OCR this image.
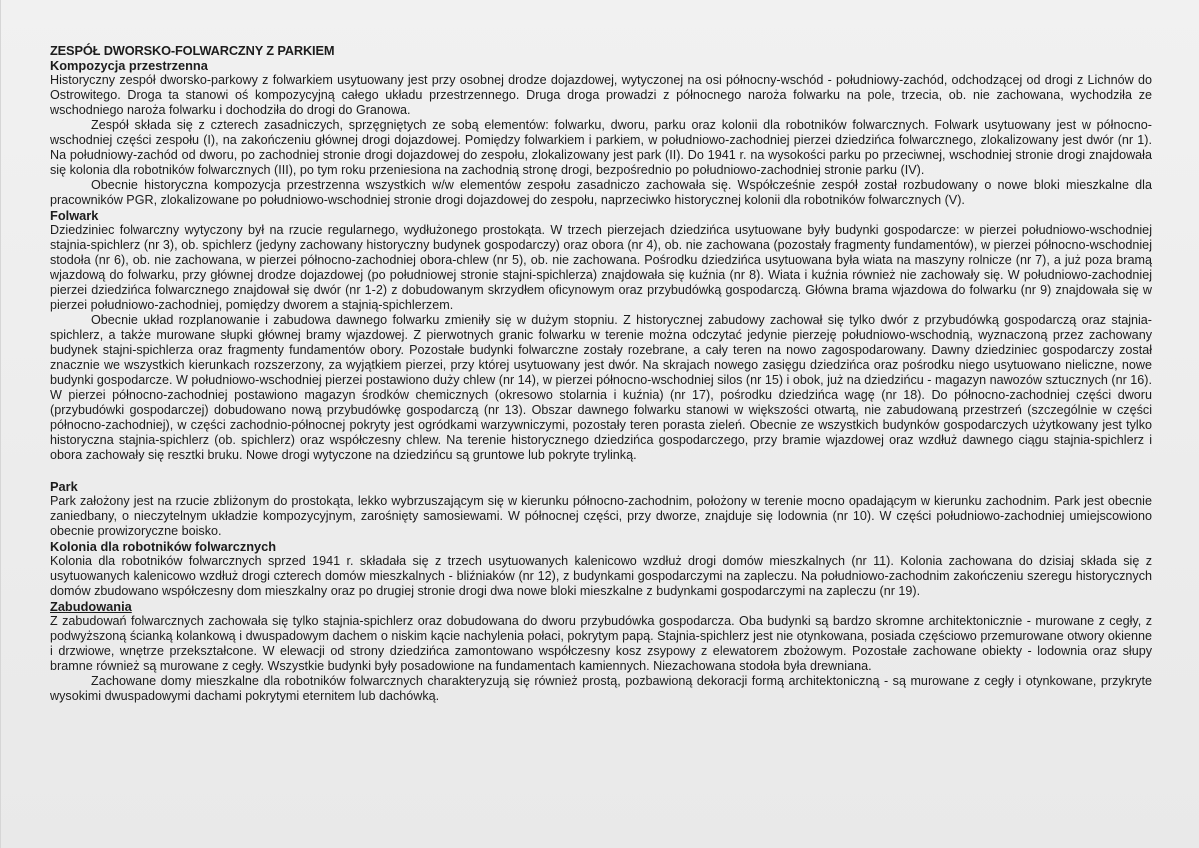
ZESPÓŁ DWORSKO-FOLWARCZNY Z PARKIEM
Kompozycja przestrzenna

Historyczny zespół dworsko-parkowy z folwarkiem usytuowany jest przy osobnej drodze dojazdowej, wytyczonej na osi północny-wschód - południowy-zachód, odchodzącej od drogi z Lichnów do Ostrowitego. Droga ta stanowi oś kompozycyjną całego układu przestrzennego. Druga droga prowadzi z północnego naroża folwarku na pole, trzecia, ob. nie zachowana, wychodziła ze wschodniego naroża folwarku i dochodziła do drogi do Granowa.

Zespół składa się z czterech zasadniczych, sprzęgniętych ze sobą elementów: folwarku, dworu, parku oraz kolonii dla robotników folwarcznych. Folwark usytuowany jest w północno-wschodniej części zespołu (I), na zakończeniu głównej drogi dojazdowej. Pomiędzy folwarkiem i parkiem, w południowo-zachodniej pierzei dziedzińca folwarcznego, zlokalizowany jest dwór (nr 1). Na południowy-zachód od dworu, po zachodniej stronie drogi dojazdowej do zespołu, zlokalizowany jest park (II). Do 1941 r. na wysokości parku po przeciwnej, wschodniej stronie drogi znajdowała się kolonia dla robotników folwarcznych (III), po tym roku przeniesiona na zachodnią stronę drogi, bezpośrednio po południowo-zachodniej stronie parku (IV).

Obecnie historyczna kompozycja przestrzenna wszystkich w/w elementów zespołu zasadniczo zachowała się. Współcześnie zespół został rozbudowany o nowe bloki mieszkalne dla pracowników PGR, zlokalizowane po południowo-wschodniej stronie drogi dojazdowej do zespołu, naprzeciwko historycznej kolonii dla robotników folwarcznych (V).

Folwark

Dziedziniec folwarczny wytyczony był na rzucie regularnego, wydłużonego prostokąta. W trzech pierzejach dziedzińca usytuowane były budynki gospodarcze: w pierzei południowo-wschodniej stajnia-spichlerz (nr 3), ob. spichlerz (jedyny zachowany historyczny budynek gospodarczy) oraz obora (nr 4), ob. nie zachowana (pozostały fragmenty fundamentów), w pierzei północno-wschodniej stodoła (nr 6), ob. nie zachowana, w pierzei północno-zachodniej obora-chlew (nr 5), ob. nie zachowana. Pośrodku dziedzińca usytuowana była wiata na maszyny rolnicze (nr 7), a już poza bramą wjazdową do folwarku, przy głównej drodze dojazdowej (po południowej stronie stajni-spichlerza) znajdowała się kuźnia (nr 8). Wiata i kuźnia również nie zachowały się. W południowo-zachodniej pierzei dziedzińca folwarcznego znajdował się dwór (nr 1-2) z dobudowanym skrzydłem oficynowym oraz przybudówką gospodarczą. Główna brama wjazdowa do folwarku (nr 9) znajdowała się w pierzei południowo-zachodniej, pomiędzy dworem a stajnią-spichlerzem.

Obecnie układ rozplanowanie i zabudowa dawnego folwarku zmieniły się w dużym stopniu. Z historycznej zabudowy zachował się tylko dwór z przybudówką gospodarczą oraz stajnia-spichlerz, a także murowane słupki głównej bramy wjazdowej. Z pierwotnych granic folwarku w terenie można odczytać jedynie pierzeję południowo-wschodnią, wyznaczoną przez zachowany budynek stajni-spichlerza oraz fragmenty fundamentów obory. Pozostałe budynki folwarczne zostały rozebrane, a cały teren na nowo zagospodarowany. Dawny dziedziniec gospodarczy został znacznie we wszystkich kierunkach rozszerzony, za wyjątkiem pierzei, przy której usytuowany jest dwór. Na skrajach nowego zasięgu dziedzińca oraz pośrodku niego usytuowano nieliczne, nowe budynki gospodarcze. W południowo-wschodniej pierzei postawiono duży chlew (nr 14), w pierzei północno-wschodniej silos (nr 15) i obok, już na dziedzińcu - magazyn nawozów sztucznych (nr 16). W pierzei północno-zachodniej postawiono magazyn środków chemicznych (okresowo stolarnia i kuźnia) (nr 17), pośrodku dziedzińca wagę (nr 18). Do północno-zachodniej części dworu (przybudówki gospodarczej) dobudowano nową przybudówkę gospodarczą (nr 13). Obszar dawnego folwarku stanowi w większości otwartą, nie zabudowaną przestrzeń (szczególnie w części północno-zachodniej), w części zachodnio-północnej pokryty jest ogródkami warzywniczymi, pozostały teren porasta zieleń. Obecnie ze wszystkich budynków gospodarczych użytkowany jest tylko historyczna stajnia-spichlerz (ob. spichlerz) oraz współczesny chlew. Na terenie historycznego dziedzińca gospodarczego, przy bramie wjazdowej oraz wzdłuż dawnego ciągu stajnia-spichlerz i obora zachowały się resztki bruku. Nowe drogi wytyczone na dziedzińcu są gruntowe lub pokryte trylinką.

Park

Park założony jest na rzucie zbliżonym do prostokąta, lekko wybrzuszającym się w kierunku północno-zachodnim, położony w terenie mocno opadającym w kierunku zachodnim. Park jest obecnie zaniedbany, o nieczytelnym układzie kompozycyjnym, zarośnięty samosiewami. W północnej części, przy dworze, znajduje się lodownia (nr 10). W części południowo-zachodniej umiejscowiono obecnie prowizoryczne boisko.

Kolonia dla robotników folwarcznych

Kolonia dla robotników folwarcznych sprzed 1941 r. składała się z trzech usytuowanych kalenicowo wzdłuż drogi domów mieszkalnych (nr 11). Kolonia zachowana do dzisiaj składa się z usytuowanych kalenicowo wzdłuż drogi czterech domów mieszkalnych - bliźniaków (nr 12), z budynkami gospodarczymi na zapleczu. Na południowo-zachodnim zakończeniu szeregu historycznych domów zbudowano współczesny dom mieszkalny oraz po drugiej stronie drogi dwa nowe bloki mieszkalne z budynkami gospodarczymi na zapleczu (nr 19).

Zabudowania

Z zabudowań folwarcznych zachowała się tylko stajnia-spichlerz oraz dobudowana do dworu przybudówka gospodarcza. Oba budynki są bardzo skromne architektonicznie - murowane z cegły, z podwyższoną ścianką kolankową i dwuspadowym dachem o niskim kącie nachylenia połaci, pokrytym papą. Stajnia-spichlerz jest nie otynkowana, posiada częściowo przemurowane otwory okienne i drzwiowe, wnętrze przekształcone. W elewacji od strony dziedzińca zamontowano współczesny kosz zsypowy z elewatorem zbożowym. Pozostałe zachowane obiekty - lodownia oraz słupy bramne również są murowane z cegły. Wszystkie budynki były posadowione na fundamentach kamiennych. Niezachowana stodoła była drewniana.

Zachowane domy mieszkalne dla robotników folwarcznych charakteryzują się również prostą, pozbawioną dekoracji formą architektoniczną - są murowane z cegły i otynkowane, przykryte wysokimi dwuspadowymi dachami pokrytymi eternitem lub dachówką.
